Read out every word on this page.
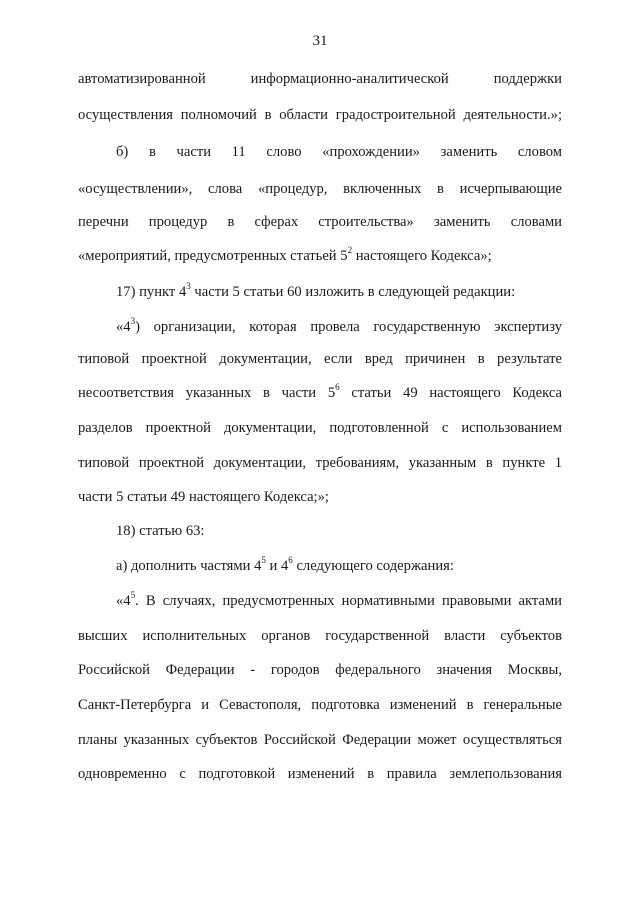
31
автоматизированной информационно-аналитической поддержки
осуществления полномочий в области градостроительной деятельности.»;
б) в части 11 слово «прохождении» заменить словом
«осуществлении», слова «процедур, включенных в исчерпывающие
перечни процедур в сферах строительства» заменить словами
«мероприятий, предусмотренных статьей $5^2$ настоящего Кодекса»;
17) пункт $4^3$ части 5 статьи 60 изложить в следующей редакции:
«$4^3$) организации, которая провела государственную экспертизу
типовой проектной документации, если вред причинен в результате
несоответствия указанных в части $5^6$ статьи 49 настоящего Кодекса
разделов проектной документации, подготовленной с использованием
типовой проектной документации, требованиям, указанным в пункте 1
части 5 статьи 49 настоящего Кодекса;»;
18) статью 63:
а) дополнить частями $4^5$ и $4^6$ следующего содержания:
«$4^5$. В случаях, предусмотренных нормативными правовыми актами
высших исполнительных органов государственной власти субъектов
Российской Федерации - городов федерального значения Москвы,
Санкт-Петербурга и Севастополя, подготовка изменений в генеральные
планы указанных субъектов Российской Федерации может осуществляться
одновременно с подготовкой изменений в правила землепользования
